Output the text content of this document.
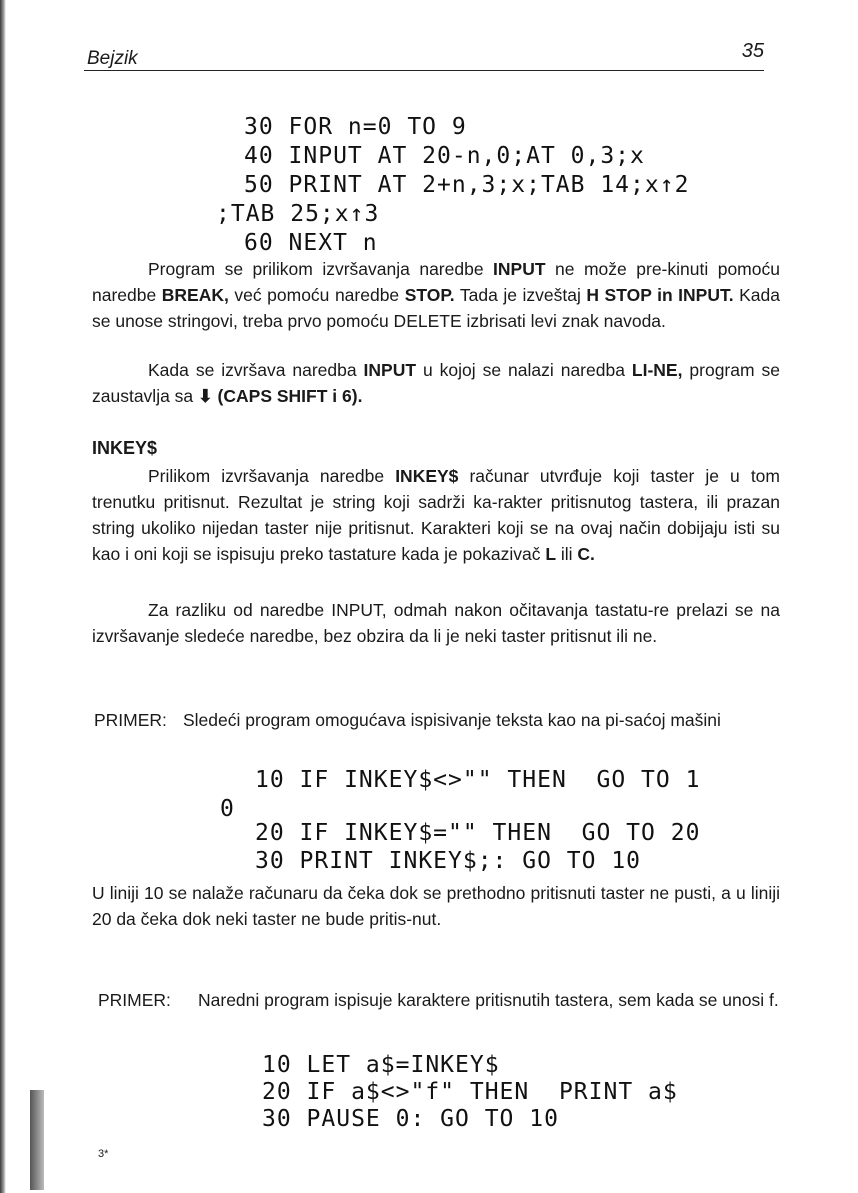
Bejzik	35
30 FOR n=0 TO 9
40 INPUT AT 20-n,0;AT 0,3;x
50 PRINT AT 2+n,3;x;TAB 14;x↑2
;TAB 25;x↑3
60 NEXT n
Program se prilikom izvršavanja naredbe INPUT ne može pre-kinuti pomoću naredbe BREAK, već pomoću naredbe STOP. Tada je izveštaj H STOP in INPUT. Kada se unose stringovi, treba prvo pomoću DELETE izbrisati levi znak navoda.
Kada se izvršava naredba INPUT u kojoj se nalazi naredba LI-NE, program se zaustavlja sa ⬇ (CAPS SHIFT i 6).
INKEY$
Prilikom izvršavanja naredbe INKEY$ računar utvrđuje koji taster je u tom trenutku pritisnut. Rezultat je string koji sadrži ka-rakter pritisnutog tastera, ili prazan string ukoliko nijedan taster nije pritisnut. Karakteri koji se na ovaj način dobijaju isti su kao i oni koji se ispisuju preko tastature kada je pokazivač L ili C.
Za razliku od naredbe INPUT, odmah nakon očitavanja tastatu-re prelazi se na izvršavanje sledeće naredbe, bez obzira da li je neki taster pritisnut ili ne.
PRIMER: Sledeći program omogućava ispisivanje teksta kao na pi-saćoj mašini
10 IF INKEY$<>"" THEN  GO TO 1
0
20 IF INKEY$="" THEN  GO TO 20
30 PRINT INKEY$;: GO TO 10
U liniji 10 se nalaže računaru da čeka dok se prethodno pritisnuti taster ne pusti, a u liniji 20 da čeka dok neki taster ne bude pritis-nut.
PRIMER:	Naredni program ispisuje karaktere pritisnutih tastera, sem kada se unosi f.
10 LET a$=INKEY$
20 IF a$<>"f" THEN  PRINT a$
30 PAUSE 0: GO TO 10
3*
